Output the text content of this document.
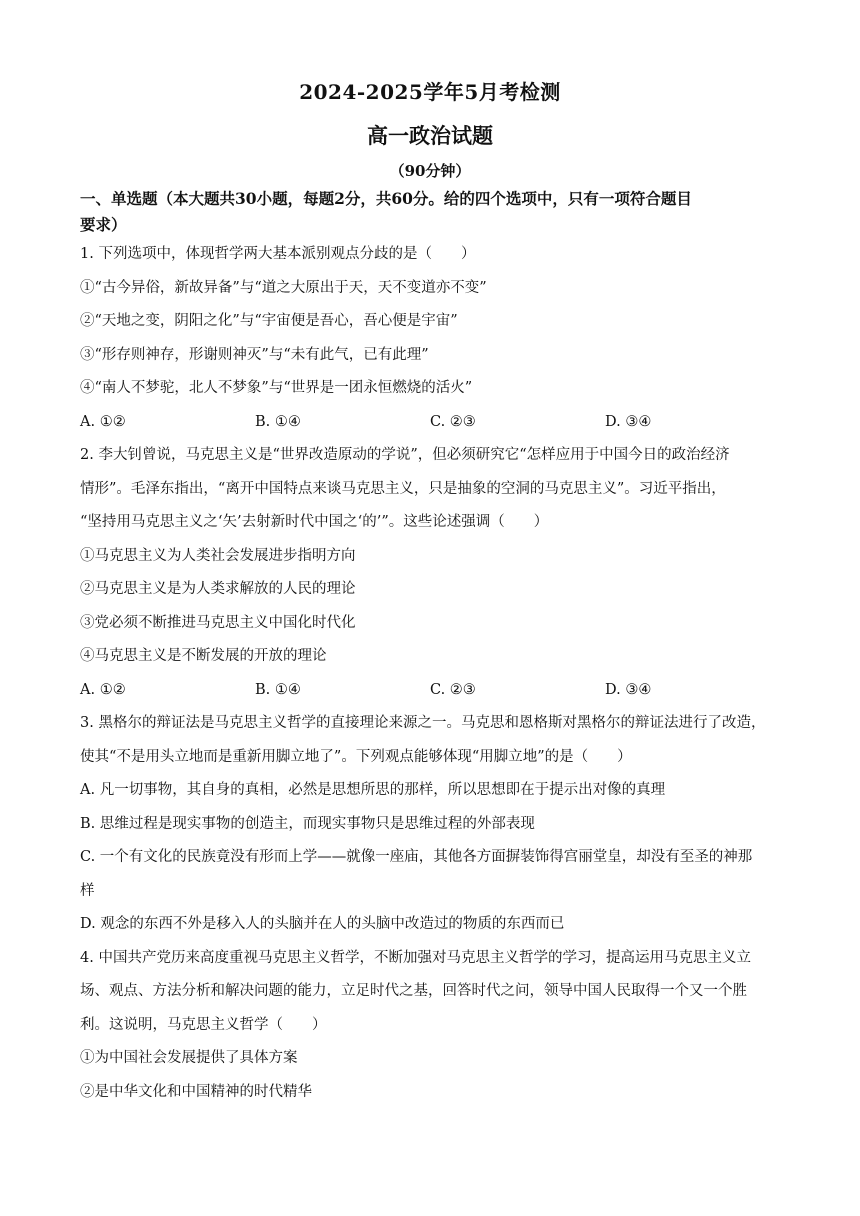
2024-2025学年5月考检测
高一政治试题
（90分钟）
一、单选题（本大题共30小题，每题2分，共60分。给的四个选项中，只有一项符合题目
要求）
1. 下列选项中，体现哲学两大基本派别观点分歧的是（　　）
①“古今异俗，新故异备”与“道之大原出于天，天不变道亦不变”
②“天地之变，阴阳之化”与“宇宙便是吾心，吾心便是宇宙”
③“形存则神存，形谢则神灭”与“未有此气，已有此理”
④“南人不梦驼，北人不梦象”与“世界是一团永恒燃烧的活火”
A. ①②	B. ①④	C. ②③	D. ③④
2. 李大钊曾说，马克思主义是“世界改造原动的学说”，但必须研究它“怎样应用于中国今日的政治经济
情形”。毛泽东指出，“离开中国特点来谈马克思主义，只是抽象的空洞的马克思主义”。习近平指出，
“坚持用马克思主义之‘矢’去射新时代中国之‘的’”。这些论述强调（　　）
①马克思主义为人类社会发展进步指明方向
②马克思主义是为人类求解放的人民的理论
③党必须不断推进马克思主义中国化时代化
④马克思主义是不断发展的开放的理论
A. ①②	B. ①④	C. ②③	D. ③④
3. 黑格尔的辩证法是马克思主义哲学的直接理论来源之一。马克思和恩格斯对黑格尔的辩证法进行了改造，
使其“不是用头立地而是重新用脚立地了”。下列观点能够体现“用脚立地”的是（　　）
A. 凡一切事物，其自身的真相，必然是思想所思的那样，所以思想即在于提示出对像的真理
B. 思维过程是现实事物的创造主，而现实事物只是思维过程的外部表现
C. 一个有文化的民族竟没有形而上学——就像一座庙，其他各方面摒装饰得宫丽堂皇，却没有至圣的神那
样
D. 观念的东西不外是移入人的头脑并在人的头脑中改造过的物质的东西而已
4. 中国共产党历来高度重视马克思主义哲学，不断加强对马克思主义哲学的学习，提高运用马克思主义立
场、观点、方法分析和解决问题的能力，立足时代之基，回答时代之问，领导中国人民取得一个又一个胜
利。这说明，马克思主义哲学（　　）
①为中国社会发展提供了具体方案
②是中华文化和中国精神的时代精华
